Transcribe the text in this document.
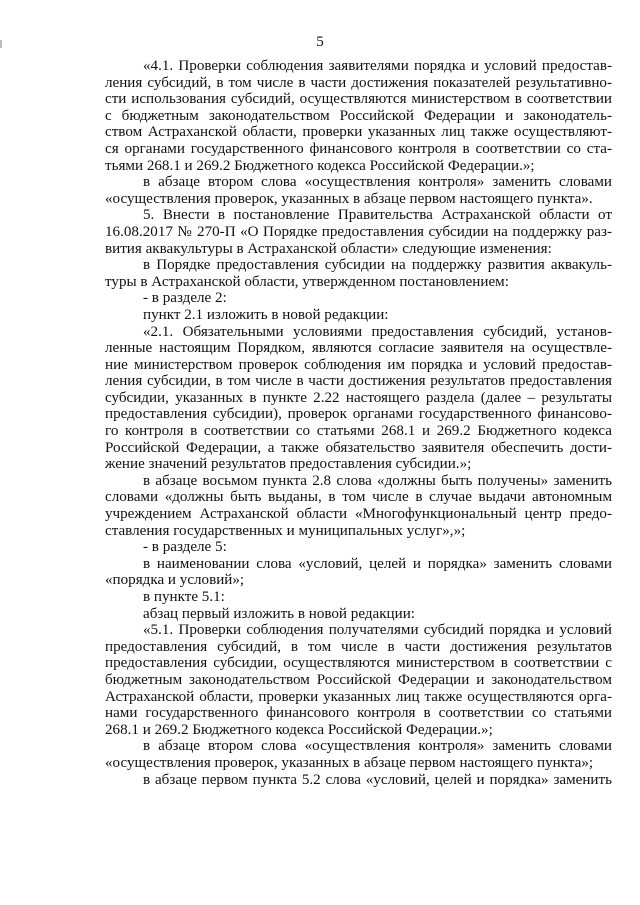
5
«4.1. Проверки соблюдения заявителями порядка и условий предостав-
ления субсидий, в том числе в части достижения показателей результативно-
сти использования субсидий, осуществляются министерством в соответствии
с бюджетным законодательством Российской Федерации и законодатель-
ством Астраханской области, проверки указанных лиц также осуществляют-
ся органами государственного финансового контроля в соответствии со ста-
тьями 268.1 и 269.2 Бюджетного кодекса Российской Федерации.»;
в абзаце втором слова «осуществления контроля» заменить словами
«осуществления проверок, указанных в абзаце первом настоящего пункта».
5. Внести в постановление Правительства Астраханской области от
16.08.2017 № 270-П «О Порядке предоставления субсидии на поддержку раз-
вития аквакультуры в Астраханской области» следующие изменения:
в Порядке предоставления субсидии на поддержку развития аквакуль-
туры в Астраханской области, утвержденном постановлением:
- в разделе 2:
пункт 2.1 изложить в новой редакции:
«2.1. Обязательными условиями предоставления субсидий, установ-
ленные настоящим Порядком, являются согласие заявителя на осуществле-
ние министерством проверок соблюдения им порядка и условий предостав-
ления субсидии, в том числе в части достижения результатов предоставления
субсидии, указанных в пункте 2.22 настоящего раздела (далее – результаты
предоставления субсидии), проверок органами государственного финансово-
го контроля в соответствии со статьями 268.1 и 269.2 Бюджетного кодекса
Российской Федерации, а также обязательство заявителя обеспечить дости-
жение значений результатов предоставления субсидии.»;
в абзаце восьмом пункта 2.8 слова «должны быть получены» заменить
словами «должны быть выданы, в том числе в случае выдачи автономным
учреждением Астраханской области «Многофункциональный центр предо-
ставления государственных и муниципальных услуг»,»;
- в разделе 5:
в наименовании слова «условий, целей и порядка» заменить словами
«порядка и условий»;
в пункте 5.1:
абзац первый изложить в новой редакции:
«5.1. Проверки соблюдения получателями субсидий порядка и условий
предоставления субсидий, в том числе в части достижения результатов
предоставления субсидии, осуществляются министерством в соответствии с
бюджетным законодательством Российской Федерации и законодательством
Астраханской области, проверки указанных лиц также осуществляются орга-
нами государственного финансового контроля в соответствии со статьями
268.1 и 269.2 Бюджетного кодекса Российской Федерации.»;
в абзаце втором слова «осуществления контроля» заменить словами
«осуществления проверок, указанных в абзаце первом настоящего пункта»;
в абзаце первом пункта 5.2 слова «условий, целей и порядка» заменить
